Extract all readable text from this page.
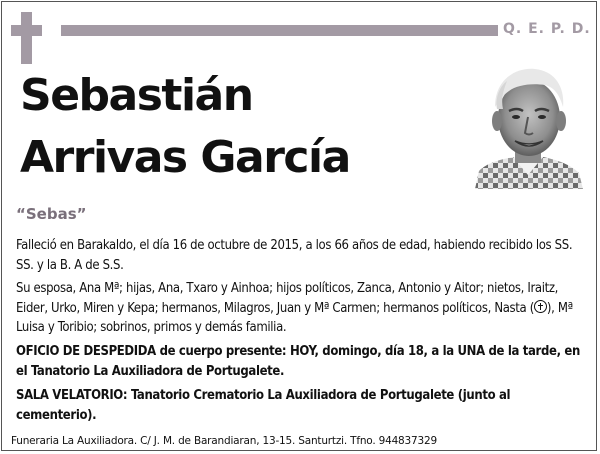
Q. E. P. D.
Sebastián
Arrivas García
“Sebas”
Falleció en Barakaldo, el día 16 de octubre de 2015, a los 66 años de edad, habiendo recibido los SS. SS. y la B. A de S.S.
Su esposa, Ana Mª; hijas, Ana, Txaro y Ainhoa; hijos políticos, Zanca, Antonio y Aitor; nietos, Iraitz, Eider, Urko, Miren y Kepa; hermanos, Milagros, Juan y Mª Carmen; hermanos políticos, Nasta ( ), Mª Luisa y Toribio; sobrinos, primos y demás familia.
OFICIO DE DESPEDIDA de cuerpo presente: HOY, domingo, día 18, a la UNA de la tarde, en el Tanatorio La Auxiliadora de Portugalete.
SALA VELATORIO: Tanatorio Crematorio La Auxiliadora de Portugalete (junto al cementerio).
Funeraria La Auxiliadora. C/ J. M. de Barandiaran, 13-15. Santurtzi. Tfno. 944837329
